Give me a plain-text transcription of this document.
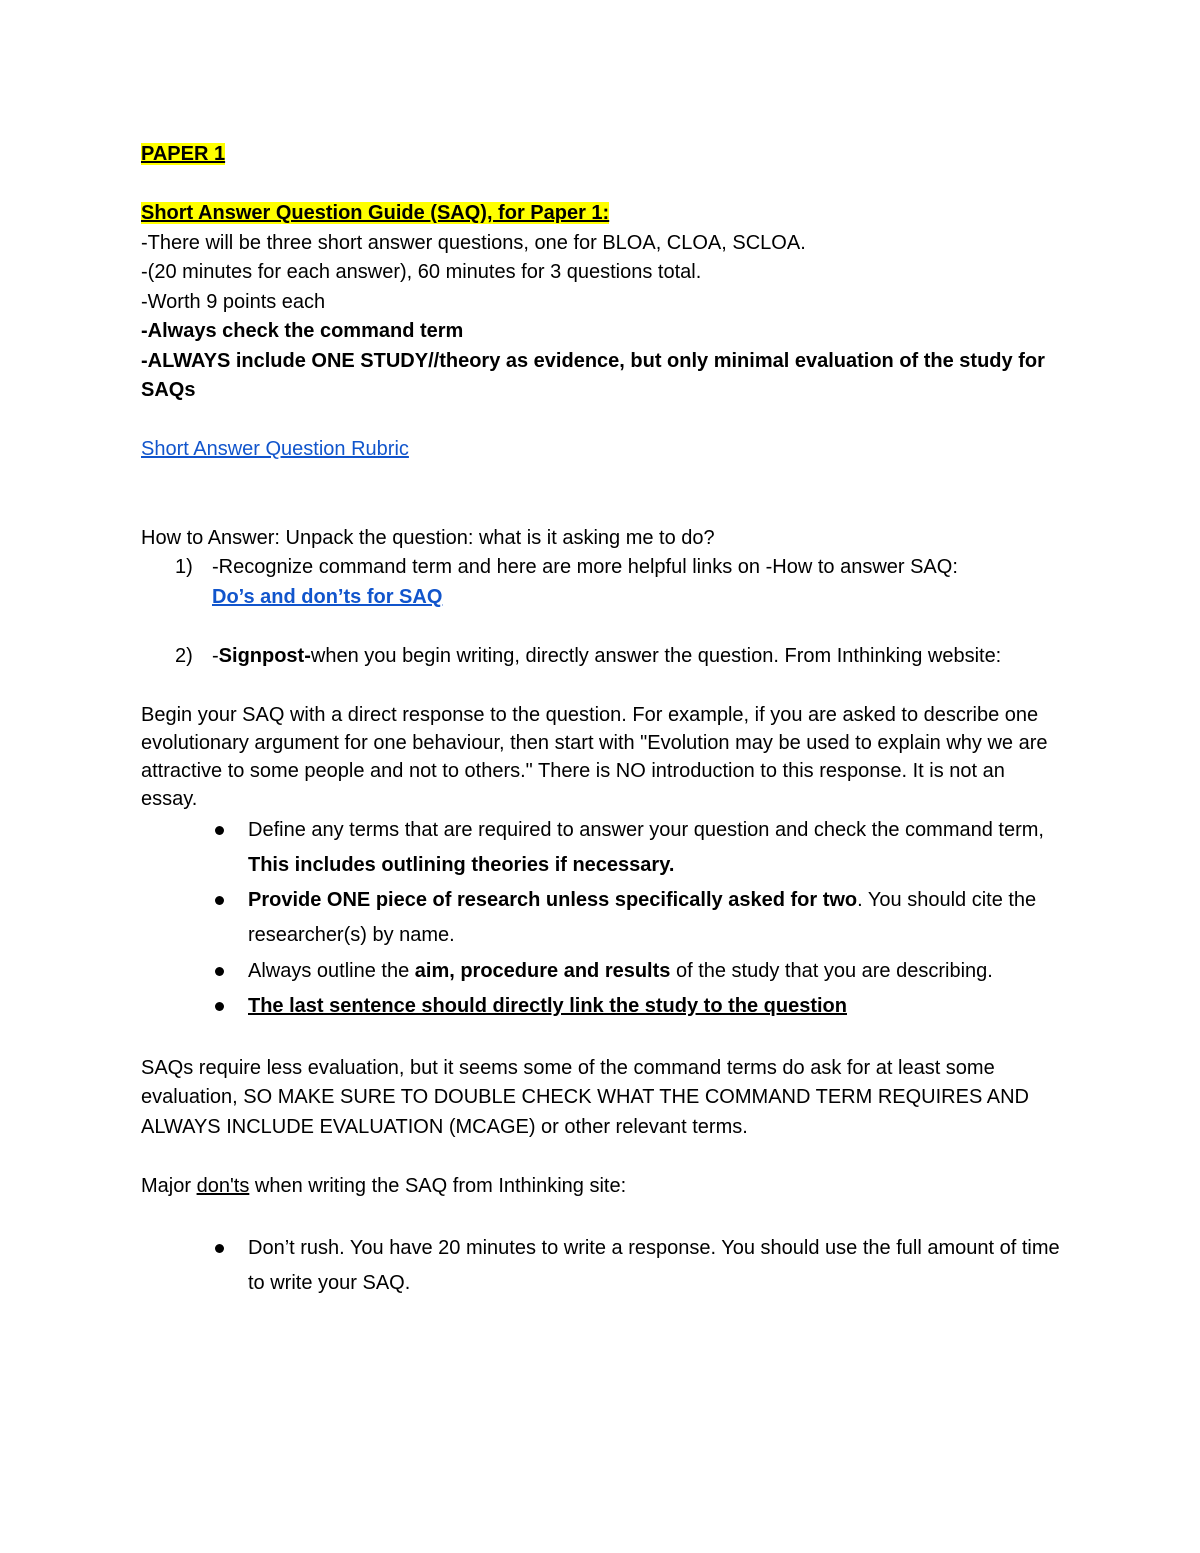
PAPER 1

Short Answer Question Guide (SAQ), for Paper 1:

-There will be three short answer questions, one for BLOA, CLOA, SCLOA.

-(20 minutes for each answer), 60 minutes for 3 questions total.

-Worth 9 points each

-Always check the command term

-ALWAYS include ONE STUDY//theory as evidence, but only minimal evaluation of the study for SAQs

Short Answer Question Rubric

How to Answer: Unpack the question: what is it asking me to do?

1) -Recognize command term and here are more helpful links on -How to answer SAQ:
Do’s and don’ts for SAQ
2) -Signpost-when you begin writing, directly answer the question. From Inthinking website:

Begin your SAQ with a direct response to the question. For example, if you are asked to describe one evolutionary argument for one behaviour, then start with "Evolution may be used to explain why we are attractive to some people and not to others." There is NO introduction to this response. It is not an essay.

Define any terms that are required to answer your question and check the command term, This includes outlining theories if necessary.
Provide ONE piece of research unless specifically asked for two. You should cite the researcher(s) by name.
Always outline the aim, procedure and results of the study that you are describing.
The last sentence should directly link the study to the question

SAQs require less evaluation, but it seems some of the command terms do ask for at least some evaluation, SO MAKE SURE TO DOUBLE CHECK WHAT THE COMMAND TERM REQUIRES AND ALWAYS INCLUDE EVALUATION (MCAGE) or other relevant terms.

Major don'ts when writing the SAQ from Inthinking site:

Don’t rush. You have 20 minutes to write a response. You should use the full amount of time to write your SAQ.
